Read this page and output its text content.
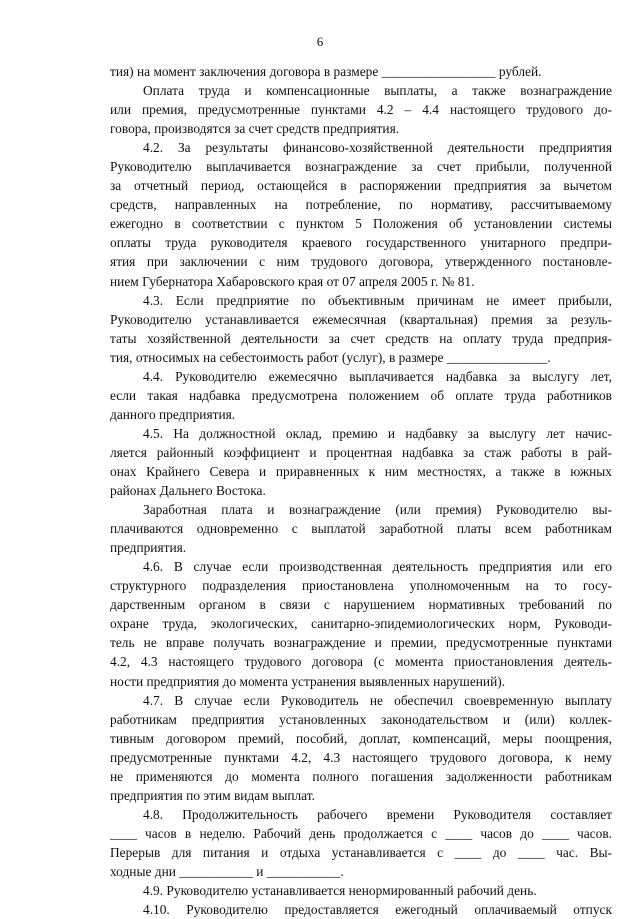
6
тия) на момент заключения договора в размере _________________ рублей.
Оплата труда и компенсационные выплаты, а также вознаграждение
или премия, предусмотренные пунктами 4.2 – 4.4 настоящего трудового до-
говора, производятся за счет средств предприятия.
4.2. За результаты финансово-хозяйственной деятельности предприятия
Руководителю выплачивается вознаграждение за счет прибыли, полученной
за отчетный период, остающейся в распоряжении предприятия за вычетом
средств, направленных на потребление, по нормативу, рассчитываемому
ежегодно в соответствии с пунктом 5 Положения об установлении системы
оплаты труда руководителя краевого государственного унитарного предпри-
ятия при заключении с ним трудового договора, утвержденного постановле-
нием Губернатора Хабаровского края от 07 апреля 2005 г. № 81.
4.3. Если предприятие по объективным причинам не имеет прибыли,
Руководителю устанавливается ежемесячная (квартальная) премия за резуль-
таты хозяйственной деятельности за счет средств на оплату труда предприя-
тия, относимых на себестоимость работ (услуг), в размере _______________.
4.4. Руководителю ежемесячно выплачивается надбавка за выслугу лет,
если такая надбавка предусмотрена положением об оплате труда работников
данного предприятия.
4.5. На должностной оклад, премию и надбавку за выслугу лет начис-
ляется районный коэффициент и процентная надбавка за стаж работы в рай-
онах Крайнего Севера и приравненных к ним местностях, а также в южных
районах Дальнего Востока.
Заработная плата и вознаграждение (или премия) Руководителю вы-
плачиваются одновременно с выплатой заработной платы всем работникам
предприятия.
4.6. В случае если производственная деятельность предприятия или его
структурного подразделения приостановлена уполномоченным на то госу-
дарственным органом в связи с нарушением нормативных требований по
охране труда, экологических, санитарно-эпидемиологических норм, Руководи-
тель не вправе получать вознаграждение и премии, предусмотренные пунктами
4.2, 4.3 настоящего трудового договора (с момента приостановления деятель-
ности предприятия до момента устранения выявленных нарушений).
4.7. В случае если Руководитель не обеспечил своевременную выплату
работникам предприятия установленных законодательством и (или) коллек-
тивным договором премий, пособий, доплат, компенсаций, меры поощрения,
предусмотренные пунктами 4.2, 4.3 настоящего трудового договора, к нему
не применяются до момента полного погашения задолженности работникам
предприятия по этим видам выплат.
4.8. Продолжительность рабочего времени Руководителя составляет
____ часов в неделю. Рабочий день продолжается с ____ часов до ____ часов.
Перерыв для питания и отдыха устанавливается с ____ до ____ час. Вы-
ходные дни ___________ и ___________.
4.9. Руководителю устанавливается ненормированный рабочий день.
4.10. Руководителю предоставляется ежегодный оплачиваемый отпуск
